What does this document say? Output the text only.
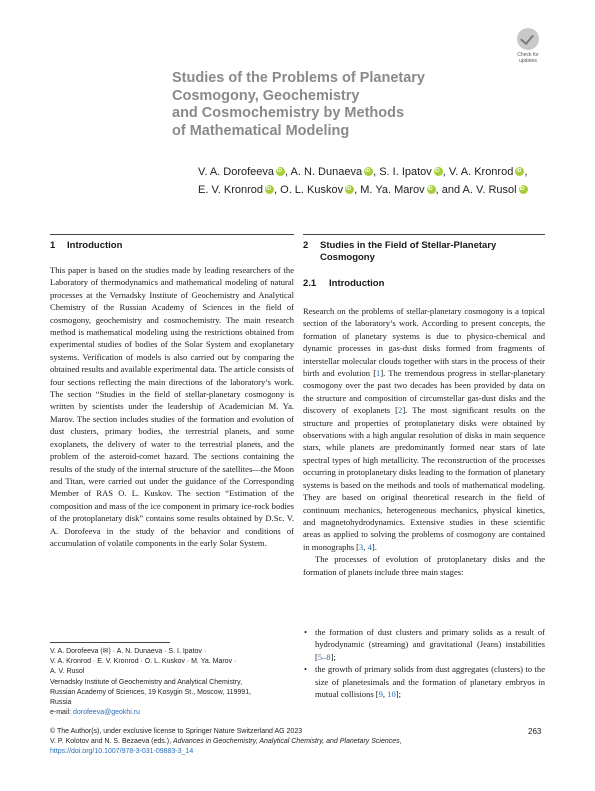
Check for
updates
Studies of the Problems of Planetary
Cosmogony, Geochemistry
and Cosmochemistry by Methods
of Mathematical Modeling
V. A. Dorofeeva iD , A. N. Dunaeva iD , S. I. Ipatov iD , V. A. Kronrod iD ,
E. V. Kronrod iD , O. L. Kuskov iD , M. Ya. Marov iD , and A. V. RusoliD
1 Introduction

This paper is based on the studies made by leading researchers of the Laboratory of thermodynamics and mathematical modeling of natural processes at the Vernadsky Institute of Geochemistry and Analytical Chemistry of the Russian Academy of Sciences in the field of cosmogony, geochemistry and cosmochemistry. The main research method is mathematical modeling using the restrictions obtained from experimental studies of bodies of the Solar System and exoplanetary systems. Verification of models is also carried out by comparing the obtained results and available experimental data. The article consists of four sections reflecting the main directions of the laboratory’s work. The section “Studies in the field of stellar-planetary cosmogony is written by scientists under the leadership of Academician M. Ya. Marov. The section includes studies of the formation and evolution of dust clusters, primary bodies, the terrestrial planets, and some exoplanets, the delivery of water to the terrestrial planets, and the problem of the asteroid-comet hazard. The sections containing the results of the study of the internal structure of the satellites—the Moon and Titan, were carried out under the guidance of the Corresponding Member of RAS O. L. Kuskov. The section “Estimation of the composition and mass of the ice component in primary ice-rock bodies of the protoplanetary disk” contains some results obtained by D.Sc. V. A. Dorofeeva in the study of the behavior and conditions of accumulation of volatile components in the early Solar System.

2 Studies in the Field of Stellar-Planetary
Cosmogony
2.1 Introduction

Research on the problems of stellar-planetary cosmogony is a topical section of the laboratory’s work. According to present concepts, the formation of planetary systems is due to physico-chemical and dynamic processes in gas-dust disks formed from fragments of interstellar molecular clouds together with stars in the process of their birth and evolution [1]. The tremendous progress in stellar-planetary cosmogony over the past two decades has been provided by data on the structure and composition of circumstellar gas-dust disks and the discovery of exoplanets [2]. The most significant results on the structure and properties of protoplanetary disks were obtained by observations with a high angular resolution of disks in main sequence stars, while planets are predominantly formed near stars of late spectral types of high metallicity. The reconstruction of the processes occurring in protoplanetary disks leading to the formation of planetary systems is based on the methods and tools of mathematical modeling. They are based on original theoretical research in the field of continuum mechanics, heterogeneous mechanics, physical kinetics, and magnetohydrodynamics. Extensive studies in these scientific areas as applied to solving the problems of cosmogony are contained in monographs [3, 4].

The processes of evolution of protoplanetary disks and the formation of planets include three main stages:

• the formation of dust clusters and primary solids as a result of hydrodynamic (streaming) and gravitational (Jeans) instabilities [5–8];
• the growth of primary solids from dust aggregates (clusters) to the size of planetesimals and the formation of planetary embryos in mutual collisions [9, 10];
V. A. Dorofeeva (✉) · A. N. Dunaeva · S. I. Ipatov ·
V. A. Kronrod · E. V. Kronrod · O. L. Kuskov · M. Ya. Marov ·
A. V. Rusol
Vernadsky Institute of Geochemistry and Analytical Chemistry,
Russian Academy of Sciences, 19 Kosygin St., Moscow, 119991,
Russia
e-mail: dorofeeva@geokhi.ru
© The Author(s), under exclusive license to Springer Nature Switzerland AG 2023
V. P. Kolotov and N. S. Bezaeva (eds.), Advances in Geochemistry, Analytical Chemistry, and Planetary Sciences,
https://doi.org/10.1007/978-3-031-09883-3_14
263
